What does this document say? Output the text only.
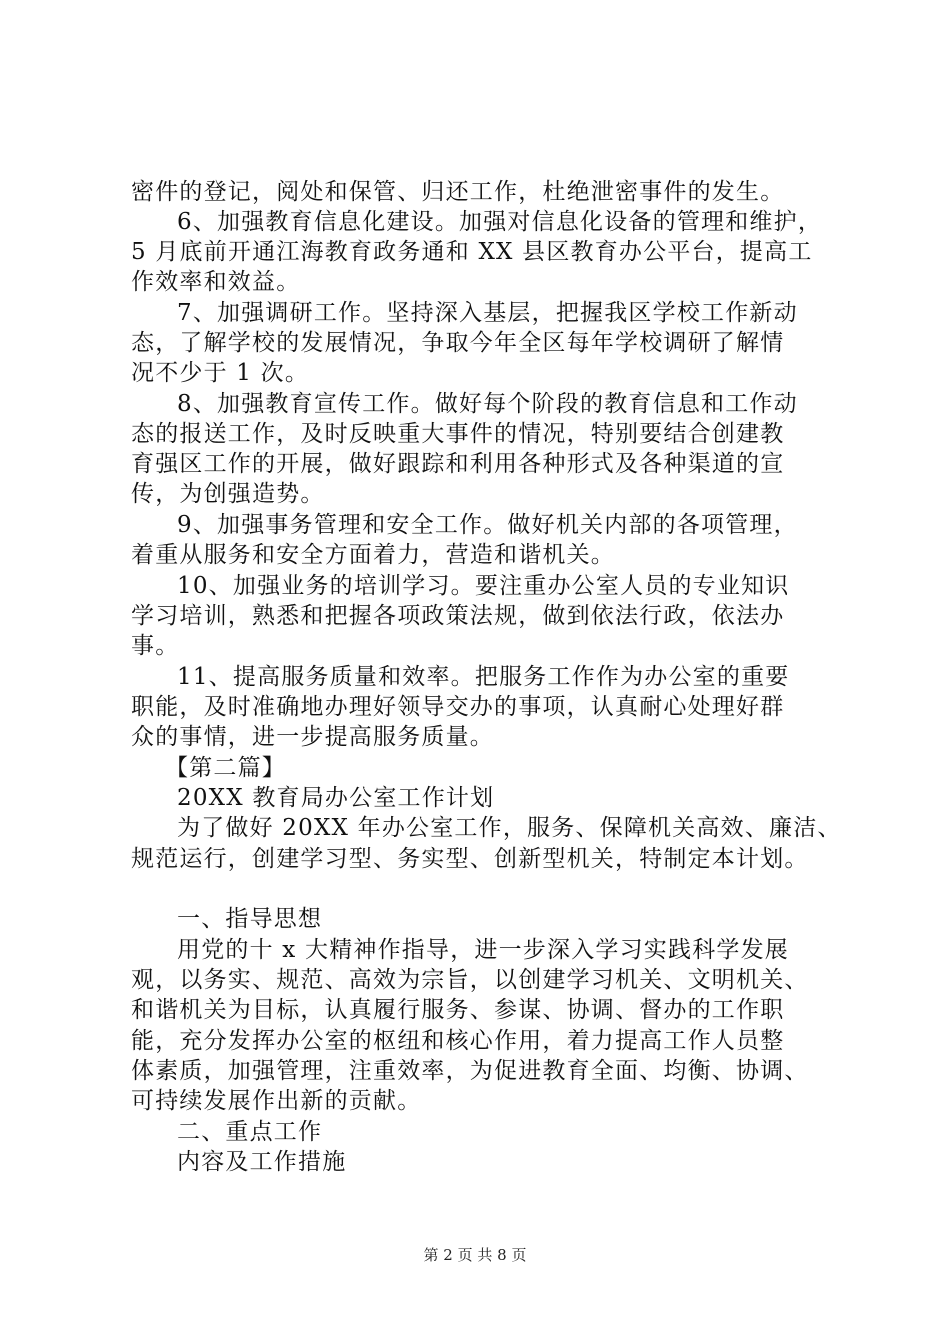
密件的登记，阅处和保管、归还工作，杜绝泄密事件的发生。
6、加强教育信息化建设。加强对信息化设备的管理和维护，
5 月底前开通江海教育政务通和 XX 县区教育办公平台，提高工
作效率和效益。
7、加强调研工作。坚持深入基层，把握我区学校工作新动
态，了解学校的发展情况，争取今年全区每年学校调研了解情
况不少于 1 次。
8、加强教育宣传工作。做好每个阶段的教育信息和工作动
态的报送工作，及时反映重大事件的情况，特别要结合创建教
育强区工作的开展，做好跟踪和利用各种形式及各种渠道的宣
传，为创强造势。
9、加强事务管理和安全工作。做好机关内部的各项管理，
着重从服务和安全方面着力，营造和谐机关。
10、加强业务的培训学习。要注重办公室人员的专业知识
学习培训，熟悉和把握各项政策法规，做到依法行政，依法办
事。
11、提高服务质量和效率。把服务工作作为办公室的重要
职能，及时准确地办理好领导交办的事项，认真耐心处理好群
众的事情，进一步提高服务质量。
【第二篇】
20XX 教育局办公室工作计划
为了做好 20XX 年办公室工作，服务、保障机关高效、廉洁、
规范运行，创建学习型、务实型、创新型机关，特制定本计划。
一、指导思想
用党的十 x 大精神作指导，进一步深入学习实践科学发展
观，以务实、规范、高效为宗旨，以创建学习机关、文明机关、
和谐机关为目标，认真履行服务、参谋、协调、督办的工作职
能，充分发挥办公室的枢纽和核心作用，着力提高工作人员整
体素质，加强管理，注重效率，为促进教育全面、均衡、协调、
可持续发展作出新的贡献。
二、重点工作
内容及工作措施
第 2 页 共 8 页
